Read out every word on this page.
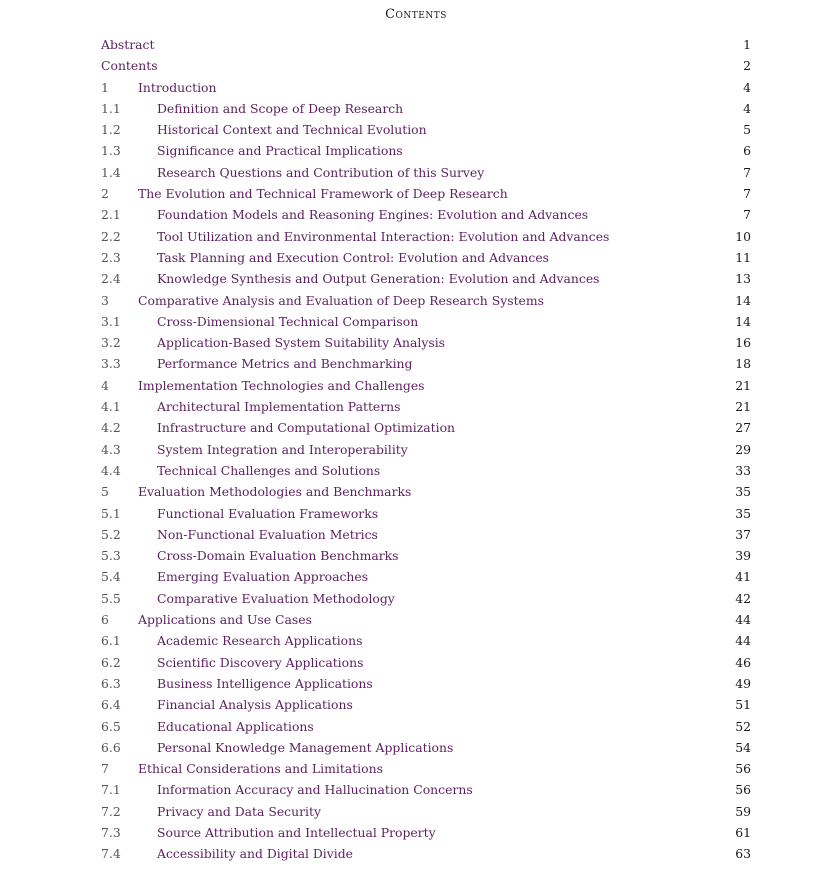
Contents
Abstract	1
Contents	2
1 Introduction	4
1.1	Definition and Scope of Deep Research	4
1.2	Historical Context and Technical Evolution	5
1.3	Significance and Practical Implications	6
1.4	Research Questions and Contribution of this Survey	7
2 The Evolution and Technical Framework of Deep Research	7
2.1	Foundation Models and Reasoning Engines: Evolution and Advances	7
2.2	Tool Utilization and Environmental Interaction: Evolution and Advances	10
2.3	Task Planning and Execution Control: Evolution and Advances	11
2.4	Knowledge Synthesis and Output Generation: Evolution and Advances	13
3 Comparative Analysis and Evaluation of Deep Research Systems	14
3.1	Cross-Dimensional Technical Comparison	14
3.2	Application-Based System Suitability Analysis	16
3.3	Performance Metrics and Benchmarking	18
4 Implementation Technologies and Challenges	21
4.1	Architectural Implementation Patterns	21
4.2	Infrastructure and Computational Optimization	27
4.3	System Integration and Interoperability	29
4.4	Technical Challenges and Solutions	33
5 Evaluation Methodologies and Benchmarks	35
5.1	Functional Evaluation Frameworks	35
5.2	Non-Functional Evaluation Metrics	37
5.3	Cross-Domain Evaluation Benchmarks	39
5.4	Emerging Evaluation Approaches	41
5.5	Comparative Evaluation Methodology	42
6 Applications and Use Cases	44
6.1	Academic Research Applications	44
6.2	Scientific Discovery Applications	46
6.3	Business Intelligence Applications	49
6.4	Financial Analysis Applications	51
6.5	Educational Applications	52
6.6	Personal Knowledge Management Applications	54
7 Ethical Considerations and Limitations	56
7.1	Information Accuracy and Hallucination Concerns	56
7.2	Privacy and Data Security	59
7.3	Source Attribution and Intellectual Property	61
7.4	Accessibility and Digital Divide	63
